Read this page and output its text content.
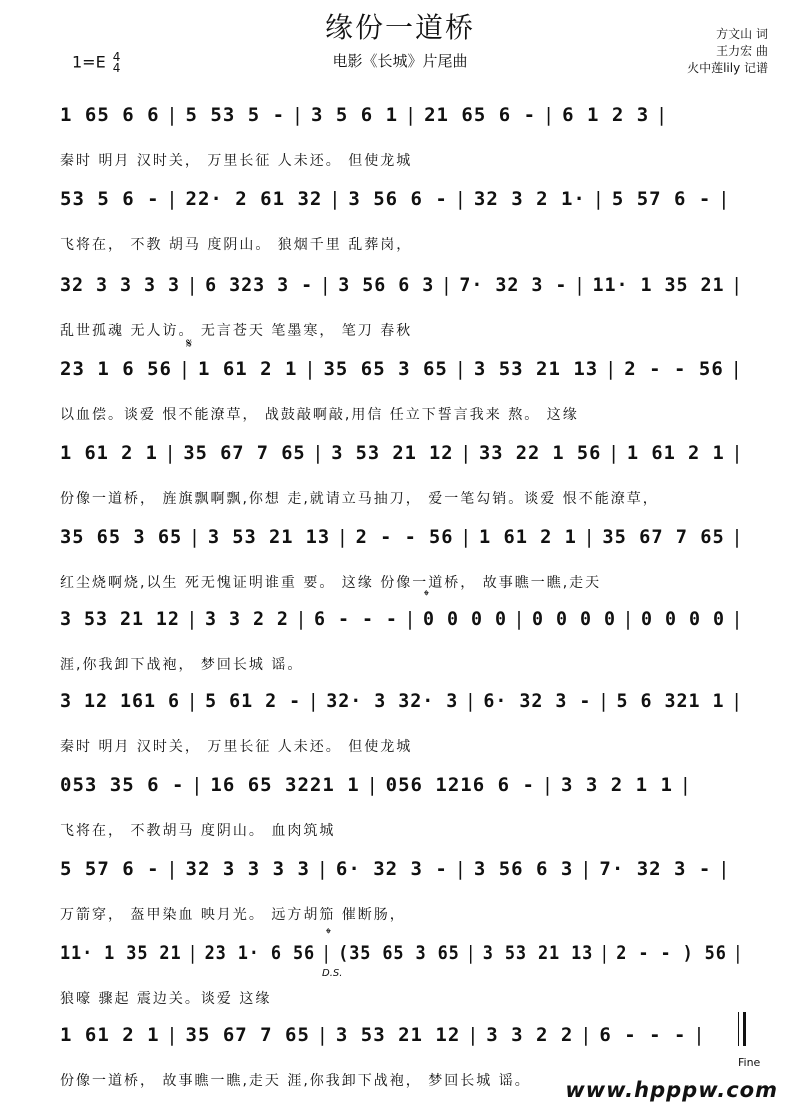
缘份一道桥
电影《长城》片尾曲
1=E 4
4
方文山 词
王力宏 曲
火中莲lily 记谱
1 65 6 6 | 5 53 5 - | 3 5 6 1 | 21 65 6 - | 6 1 2 3 |
秦时 明月 汉时关， 万里长征 人未还。 但使龙城
53 5 6 - | 22· 2 61 32 | 3 56 6 - | 32 3 2 1· | 5 57 6 - |
飞将在， 不教 胡马 度阴山。 狼烟千里 乱葬岗，
32 3 3 3 3 | 6 323 3 - | 3 56 6 3 | 7· 32 3 - | 11· 1 35 21 |
乱世孤魂 无人访。 无言苍天 笔墨寒， 笔刀 春秋
23 1 6 56 | 1 61 2 1 | 35 65 3 65 | 3 53 21 13 | 2 - - 56 |
以血偿。谈爱 恨不能潦草， 战鼓敲啊敲,用信 任立下誓言我来 熬。 这缘
1 61 2 1 | 35 67 7 65 | 3 53 21 12 | 33 22 1 56 | 1 61 2 1 |
份像一道桥， 旌旗飘啊飘,你想 走,就请立马抽刀， 爱一笔勾销。谈爱 恨不能潦草，
35 65 3 65 | 3 53 21 13 | 2 - - 56 | 1 61 2 1 | 35 67 7 65 |
红尘烧啊烧,以生 死无愧证明谁重 要。 这缘 份像一道桥， 故事瞧一瞧,走天
3 53 21 12 | 3 3 2 2 | 6 - - - | 0 0 0 0 | 0 0 0 0 | 0 0 0 0 |
涯,你我卸下战袍， 梦回长城 谣。
3 12 161 6 | 5 61 2 - | 32· 3 32· 3 | 6· 32 3 - | 5 6 321 1 |
秦时 明月 汉时关， 万里长征 人未还。 但使龙城
053 35 6 - | 16 65 3221 1 | 056 1216 6 - | 3 3 2 1 1 |
飞将在， 不教胡马 度阴山。 血肉筑城
5 57 6 - | 32 3 3 3 3 | 6· 32 3 - | 3 56 6 3 | 7· 32 3 - |
万箭穿， 盔甲染血 映月光。 远方胡笳 催断肠，
11· 1 35 21 | 23 1· 6 56 | (35 65 3 65 | 3 53 21 13 | 2 - - ) 56 |
狼嚎 骤起 震边关。谈爱 这缘
1 61 2 1 | 35 67 7 65 | 3 53 21 12 | 3 3 2 2 | 6 - - - |
份像一道桥， 故事瞧一瞧,走天 涯,你我卸下战袍， 梦回长城 谣。
𝄋
𝄌
𝄌
D.S.
Fine
www.hpppw.com
